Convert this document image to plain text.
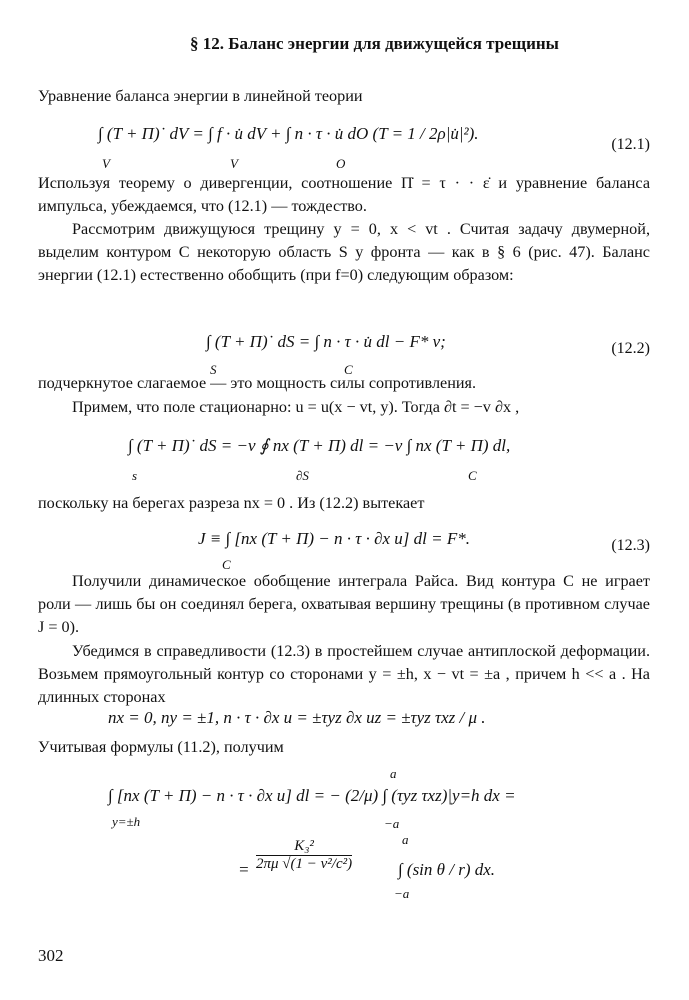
§ 12. Баланс энергии для движущейся трещины
Уравнение баланса энергии в линейной теории
∫ (T + Π)˙ dV = ∫ f · u̇ dV + ∫ n · τ · u̇ dO (T = 1 / 2ρ|u̇|²).
V	V	O
(12.1)
Используя теорему о дивергенции, соотношение Π̇ = τ · · ε̇ и уравнение баланса импульса, убеждаемся, что (12.1) — тождество.
Рассмотрим движущуюся трещину y = 0, x < vt . Считая задачу двумерной, выделим контуром C некоторую область S у фронта — как в § 6 (рис. 47). Баланс энергии (12.1) естественно обобщить (при f=0) следующим образом:
∫ (T + Π)˙ dS = ∫ n · τ · u̇ dl − F* v;
S	C
(12.2)
подчеркнутое слагаемое — это мощность силы сопротивления.
Примем, что поле стационарно: u = u(x − vt, y). Тогда ∂t = −v ∂x ,
∫ (T + Π)˙ dS = −v ∮ nx (T + Π) dl = −v ∫ nx (T + Π) dl,
s	∂S	C
поскольку на берегах разреза nx = 0 . Из (12.2) вытекает
J ≡ ∫ [nx (T + Π) − n · τ · ∂x u] dl = F*.
C
(12.3)
Получили динамическое обобщение интеграла Райса. Вид контура C не играет роли — лишь бы он соединял берега, охватывая вершину трещины (в противном случае J = 0).
Убедимся в справедливости (12.3) в простейшем случае антиплоской деформации. Возьмем прямоугольный контур со сторонами y = ±h, x − vt = ±a , причем h << a . На длинных сторонах
nx = 0, ny = ±1, n · τ · ∂x u = ±τyz ∂x uz = ±τyz τxz / μ .
Учитывая формулы (11.2), получим
∫ [nx (T + Π) − n · τ · ∂x u] dl = − (2/μ) ∫ (τyz τxz)|y=h dx =
y=±h
a
−a
= $\frac{\text{K₃²}}{\text{2πμ √(1 − v²/c²)}}$	∫ (sin θ / r) dx.
a
−a
302
